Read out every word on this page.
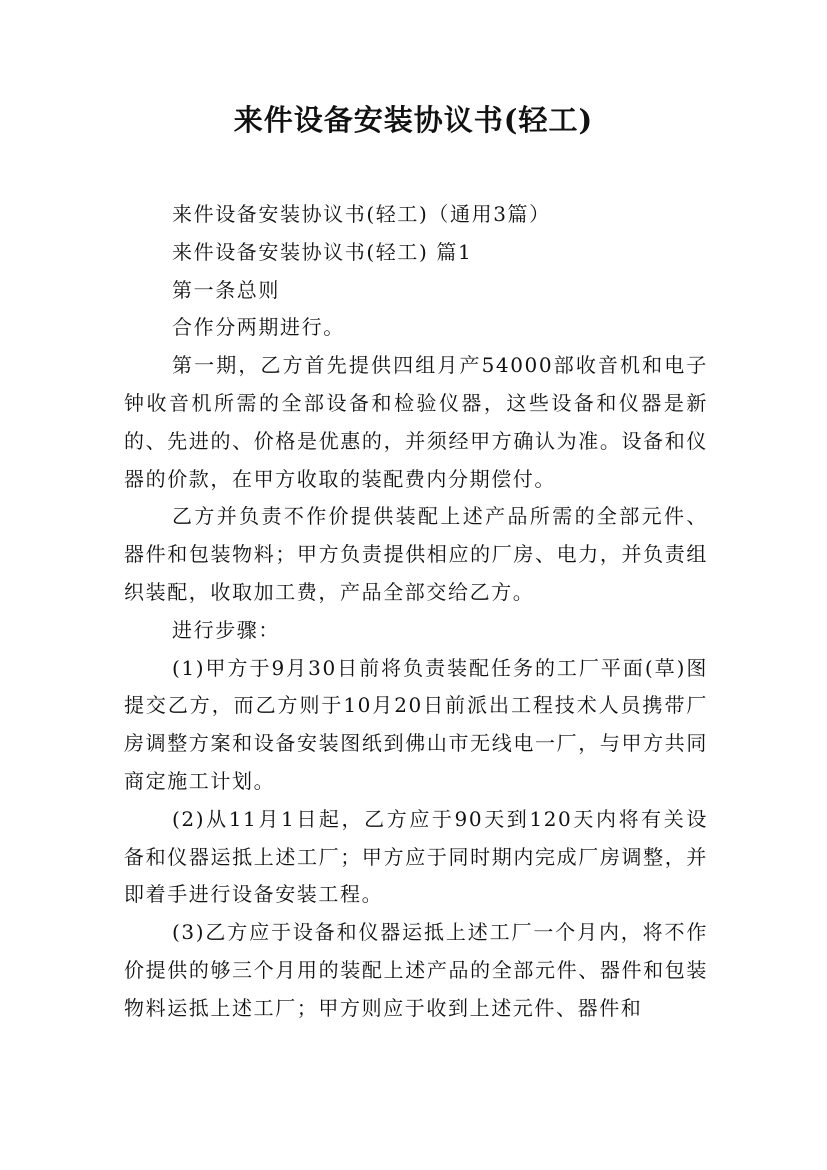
来件设备安装协议书(轻工)

来件设备安装协议书(轻工)（通用3篇）

来件设备安装协议书(轻工) 篇1

第一条总则

合作分两期进行。

第一期，乙方首先提供四组月产54000部收音机和电子钟收音机所需的全部设备和检验仪器，这些设备和仪器是新的、先进的、价格是优惠的，并须经甲方确认为准。设备和仪器的价款，在甲方收取的装配费内分期偿付。

乙方并负责不作价提供装配上述产品所需的全部元件、器件和包装物料；甲方负责提供相应的厂房、电力，并负责组织装配，收取加工费，产品全部交给乙方。

进行步骤：

(1)甲方于9月30日前将负责装配任务的工厂平面(草)图提交乙方，而乙方则于10月20日前派出工程技术人员携带厂房调整方案和设备安装图纸到佛山市无线电一厂，与甲方共同商定施工计划。

(2)从11月1日起，乙方应于90天到120天内将有关设备和仪器运抵上述工厂；甲方应于同时期内完成厂房调整，并即着手进行设备安装工程。

(3)乙方应于设备和仪器运抵上述工厂一个月内，将不作价提供的够三个月用的装配上述产品的全部元件、器件和包装物料运抵上述工厂；甲方则应于收到上述元件、器件和
